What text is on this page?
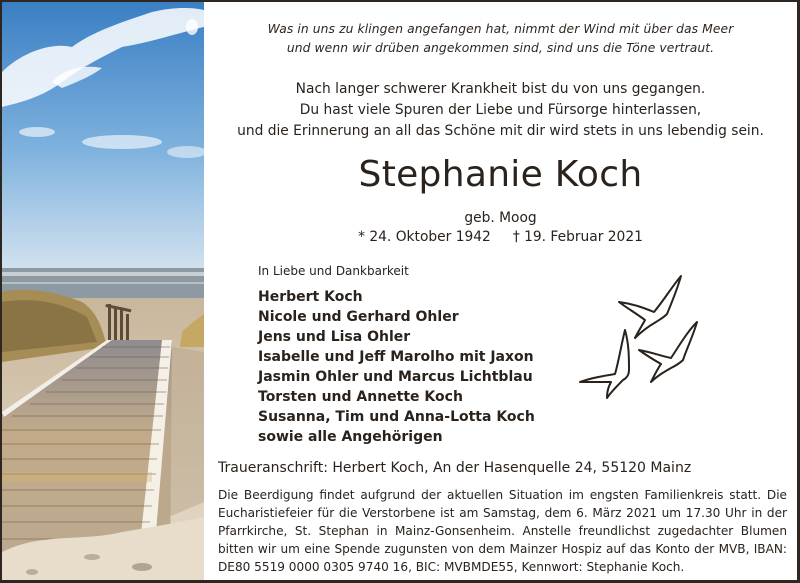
Was in uns zu klingen angefangen hat, nimmt der Wind mit über das Meer
und wenn wir drüben angekommen sind, sind uns die Töne vertraut.
Nach langer schwerer Krankheit bist du von uns gegangen.
Du hast viele Spuren der Liebe und Fürsorge hinterlassen,
und die Erinnerung an all das Schöne mit dir wird stets in uns lebendig sein.
Stephanie Koch
geb. Moog
* 24. Oktober 1942 † 19. Februar 2021
In Liebe und Dankbarkeit
Herbert Koch
Nicole und Gerhard Ohler
Jens und Lisa Ohler
Isabelle und Jeff Marolho mit Jaxon
Jasmin Ohler und Marcus Lichtblau
Torsten und Annette Koch
Susanna, Tim und Anna-Lotta Koch
sowie alle Angehörigen
Traueranschrift: Herbert Koch, An der Hasenquelle 24, 55120 Mainz
Die Beerdigung findet aufgrund der aktuellen Situation im engsten Familienkreis statt. Die Eucharistiefeier für die Verstorbene ist am Samstag, dem 6. März 2021 um 17.30 Uhr in der Pfarrkirche, St. Stephan in Mainz-Gonsenheim. Anstelle freundlichst zugedachter Blumen bitten wir um eine Spende zugunsten von dem Mainzer Hospiz auf das Konto der MVB, IBAN: DE80 5519 0000 0305 9740 16, BIC: MVBMDE55, Kennwort: Stephanie Koch.
